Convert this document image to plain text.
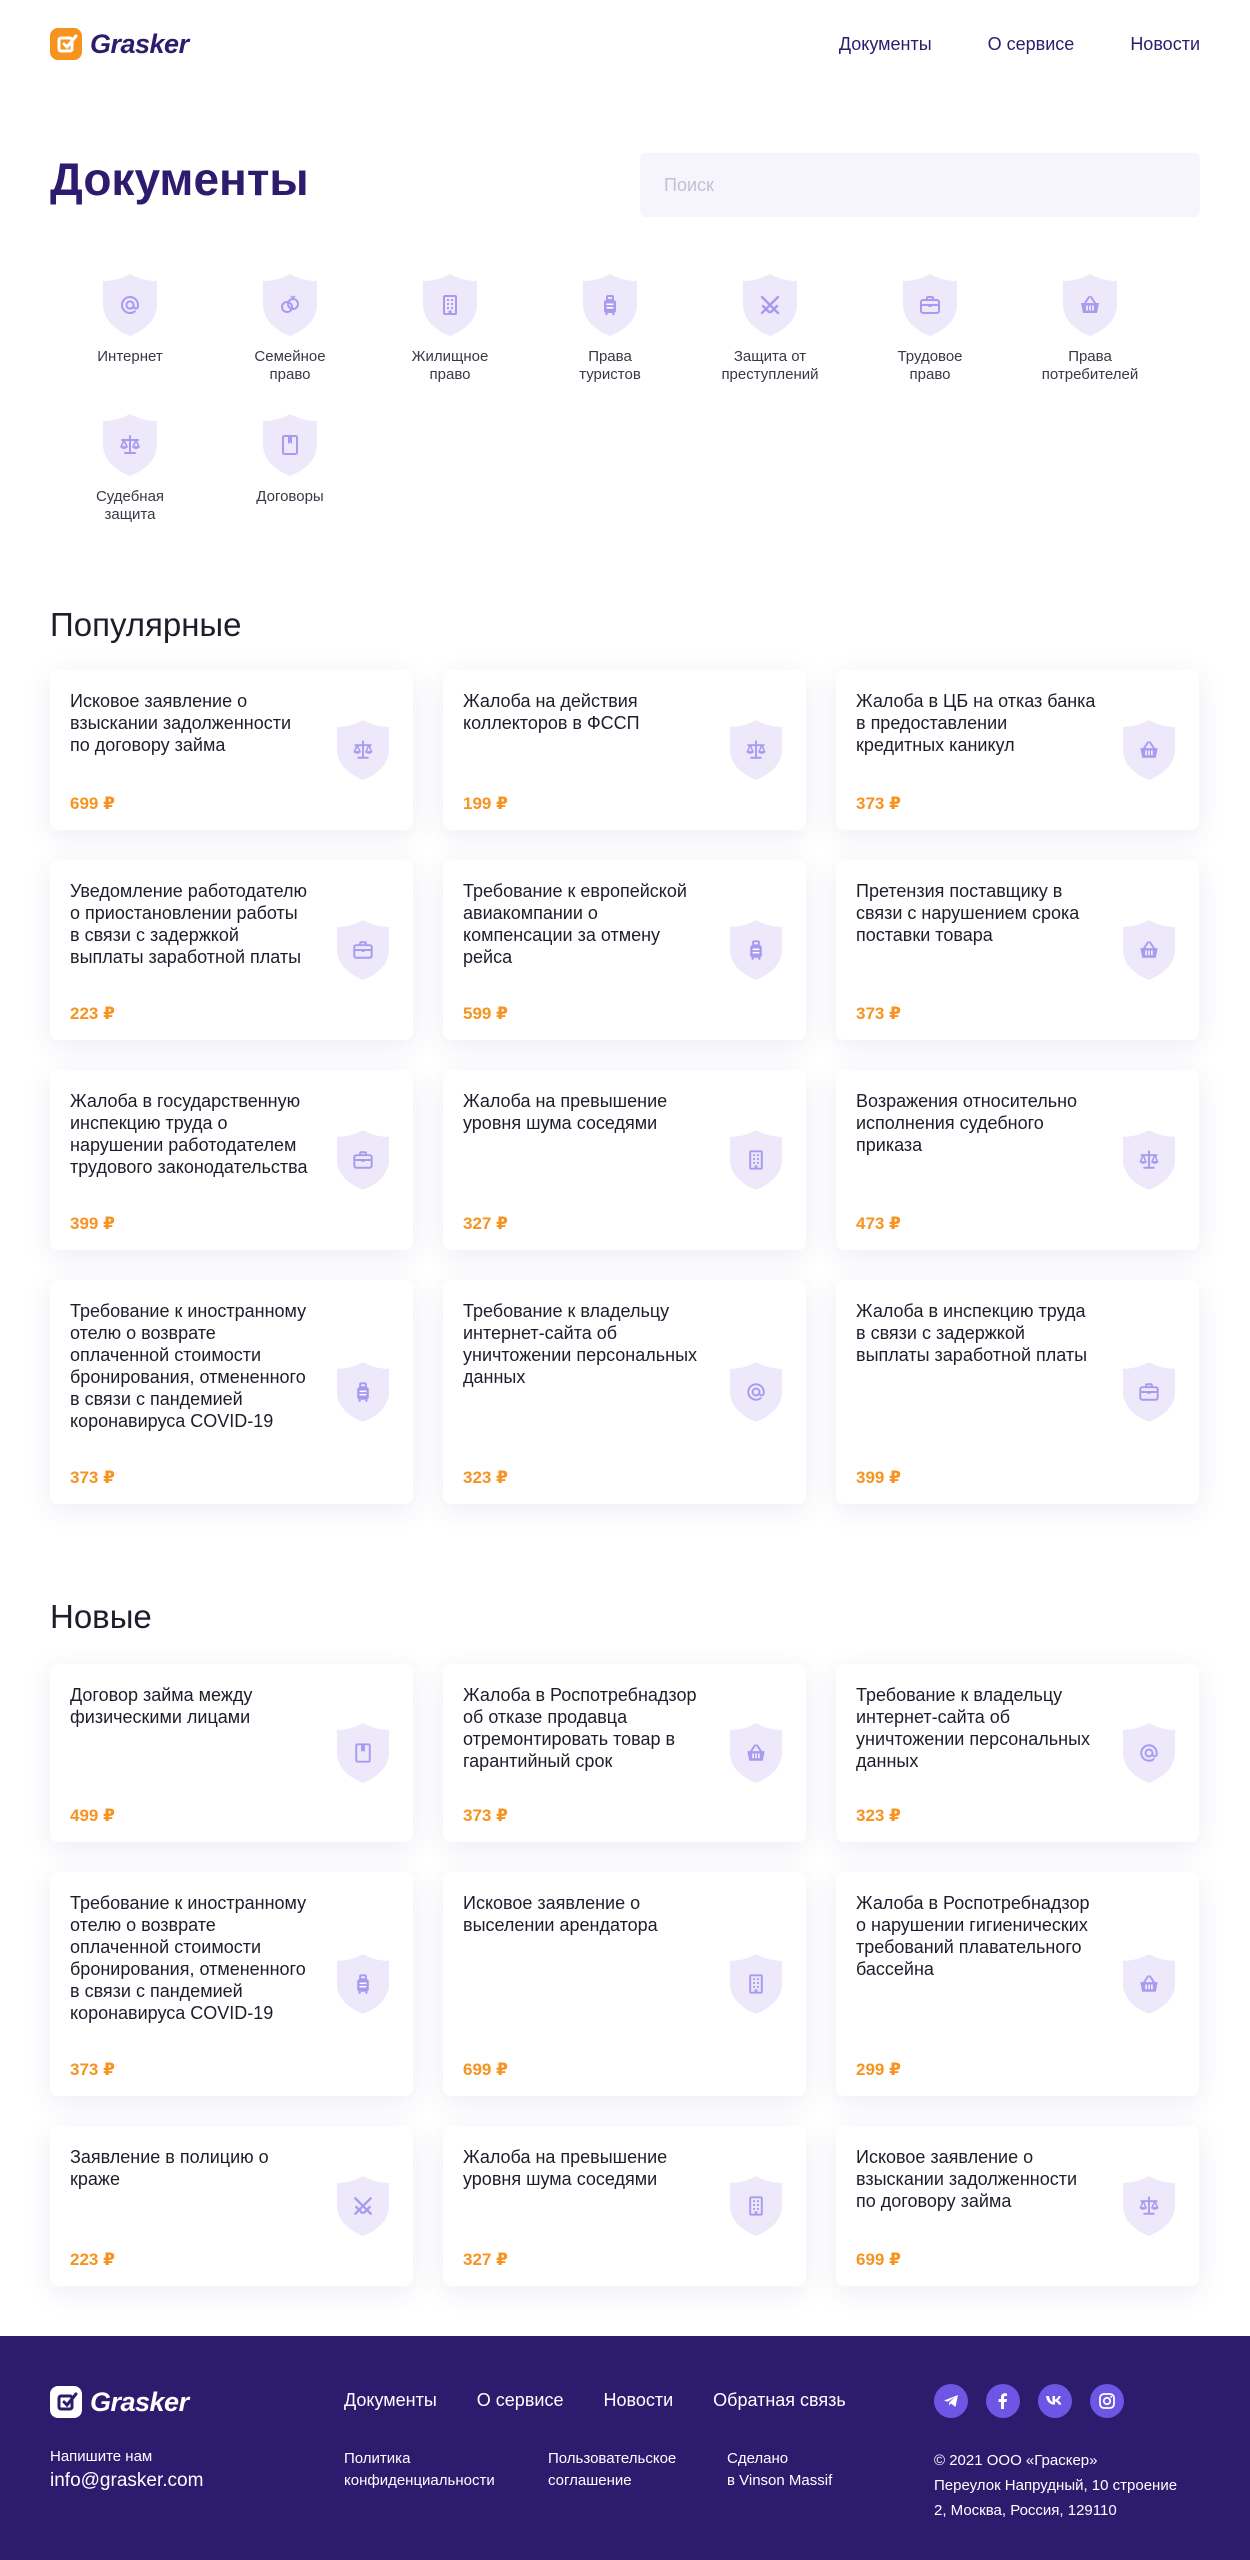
Grasker	Документы	О сервисе	Новости
Документы
Поиск
Интернет	Семейное
право
Жилищное
право
Права
туристов
Защита от
преступлений
Трудовое
право
Права
потребителей
Судебная
защита
Договоры
Популярные
Исковое заявление о взыскании задолженности по договору займа
699 ₽
Жалоба на действия коллекторов в ФССП
199 ₽
Жалоба в ЦБ на отказ банка в предоставлении кредитных каникул
373 ₽
Уведомление работодателю о приостановлении работы в связи с задержкой выплаты заработной платы
223 ₽
Требование к европейской авиакомпании о компенсации за отмену рейса
599 ₽
Претензия поставщику в связи с нарушением срока поставки товара
373 ₽
Жалоба в государственную инспекцию труда о нарушении работодателем трудового законодательства
399 ₽
Жалоба на превышение уровня шума соседями
327 ₽
Возражения относительно исполнения судебного приказа
473 ₽
Требование к иностранному отелю о возврате оплаченной стоимости бронирования, отмененного в связи с пандемией коронавируса COVID-19
373 ₽
Требование к владельцу интернет-сайта об уничтожении персональных данных
323 ₽
Жалоба в инспекцию труда в связи с задержкой выплаты заработной платы
399 ₽
Новые
Договор займа между физическими лицами
499 ₽
Жалоба в Роспотребнадзор об отказе продавца отремонтировать товар в гарантийный срок
373 ₽
Требование к владельцу интернет-сайта об уничтожении персональных данных
323 ₽
Требование к иностранному отелю о возврате оплаченной стоимости бронирования, отмененного в связи с пандемией коронавируса COVID-19
373 ₽
Исковое заявление о выселении арендатора
699 ₽
Жалоба в Роспотребнадзор о нарушении гигиенических требований плавательного бассейна
299 ₽
Заявление в полицию о краже
223 ₽
Жалоба на превышение уровня шума соседями
327 ₽
Исковое заявление о взыскании задолженности по договору займа
699 ₽
Grasker	Документы О сервисе Новости Обратная связь
Напишите нам
info@grasker.com
Политика
конфиденциальности
Пользовательское
соглашение
Сделано
в Vinson Massif
© 2021 ООО «Граскер»
Переулок Напрудный, 10 строение
2, Москва, Россия, 129110
